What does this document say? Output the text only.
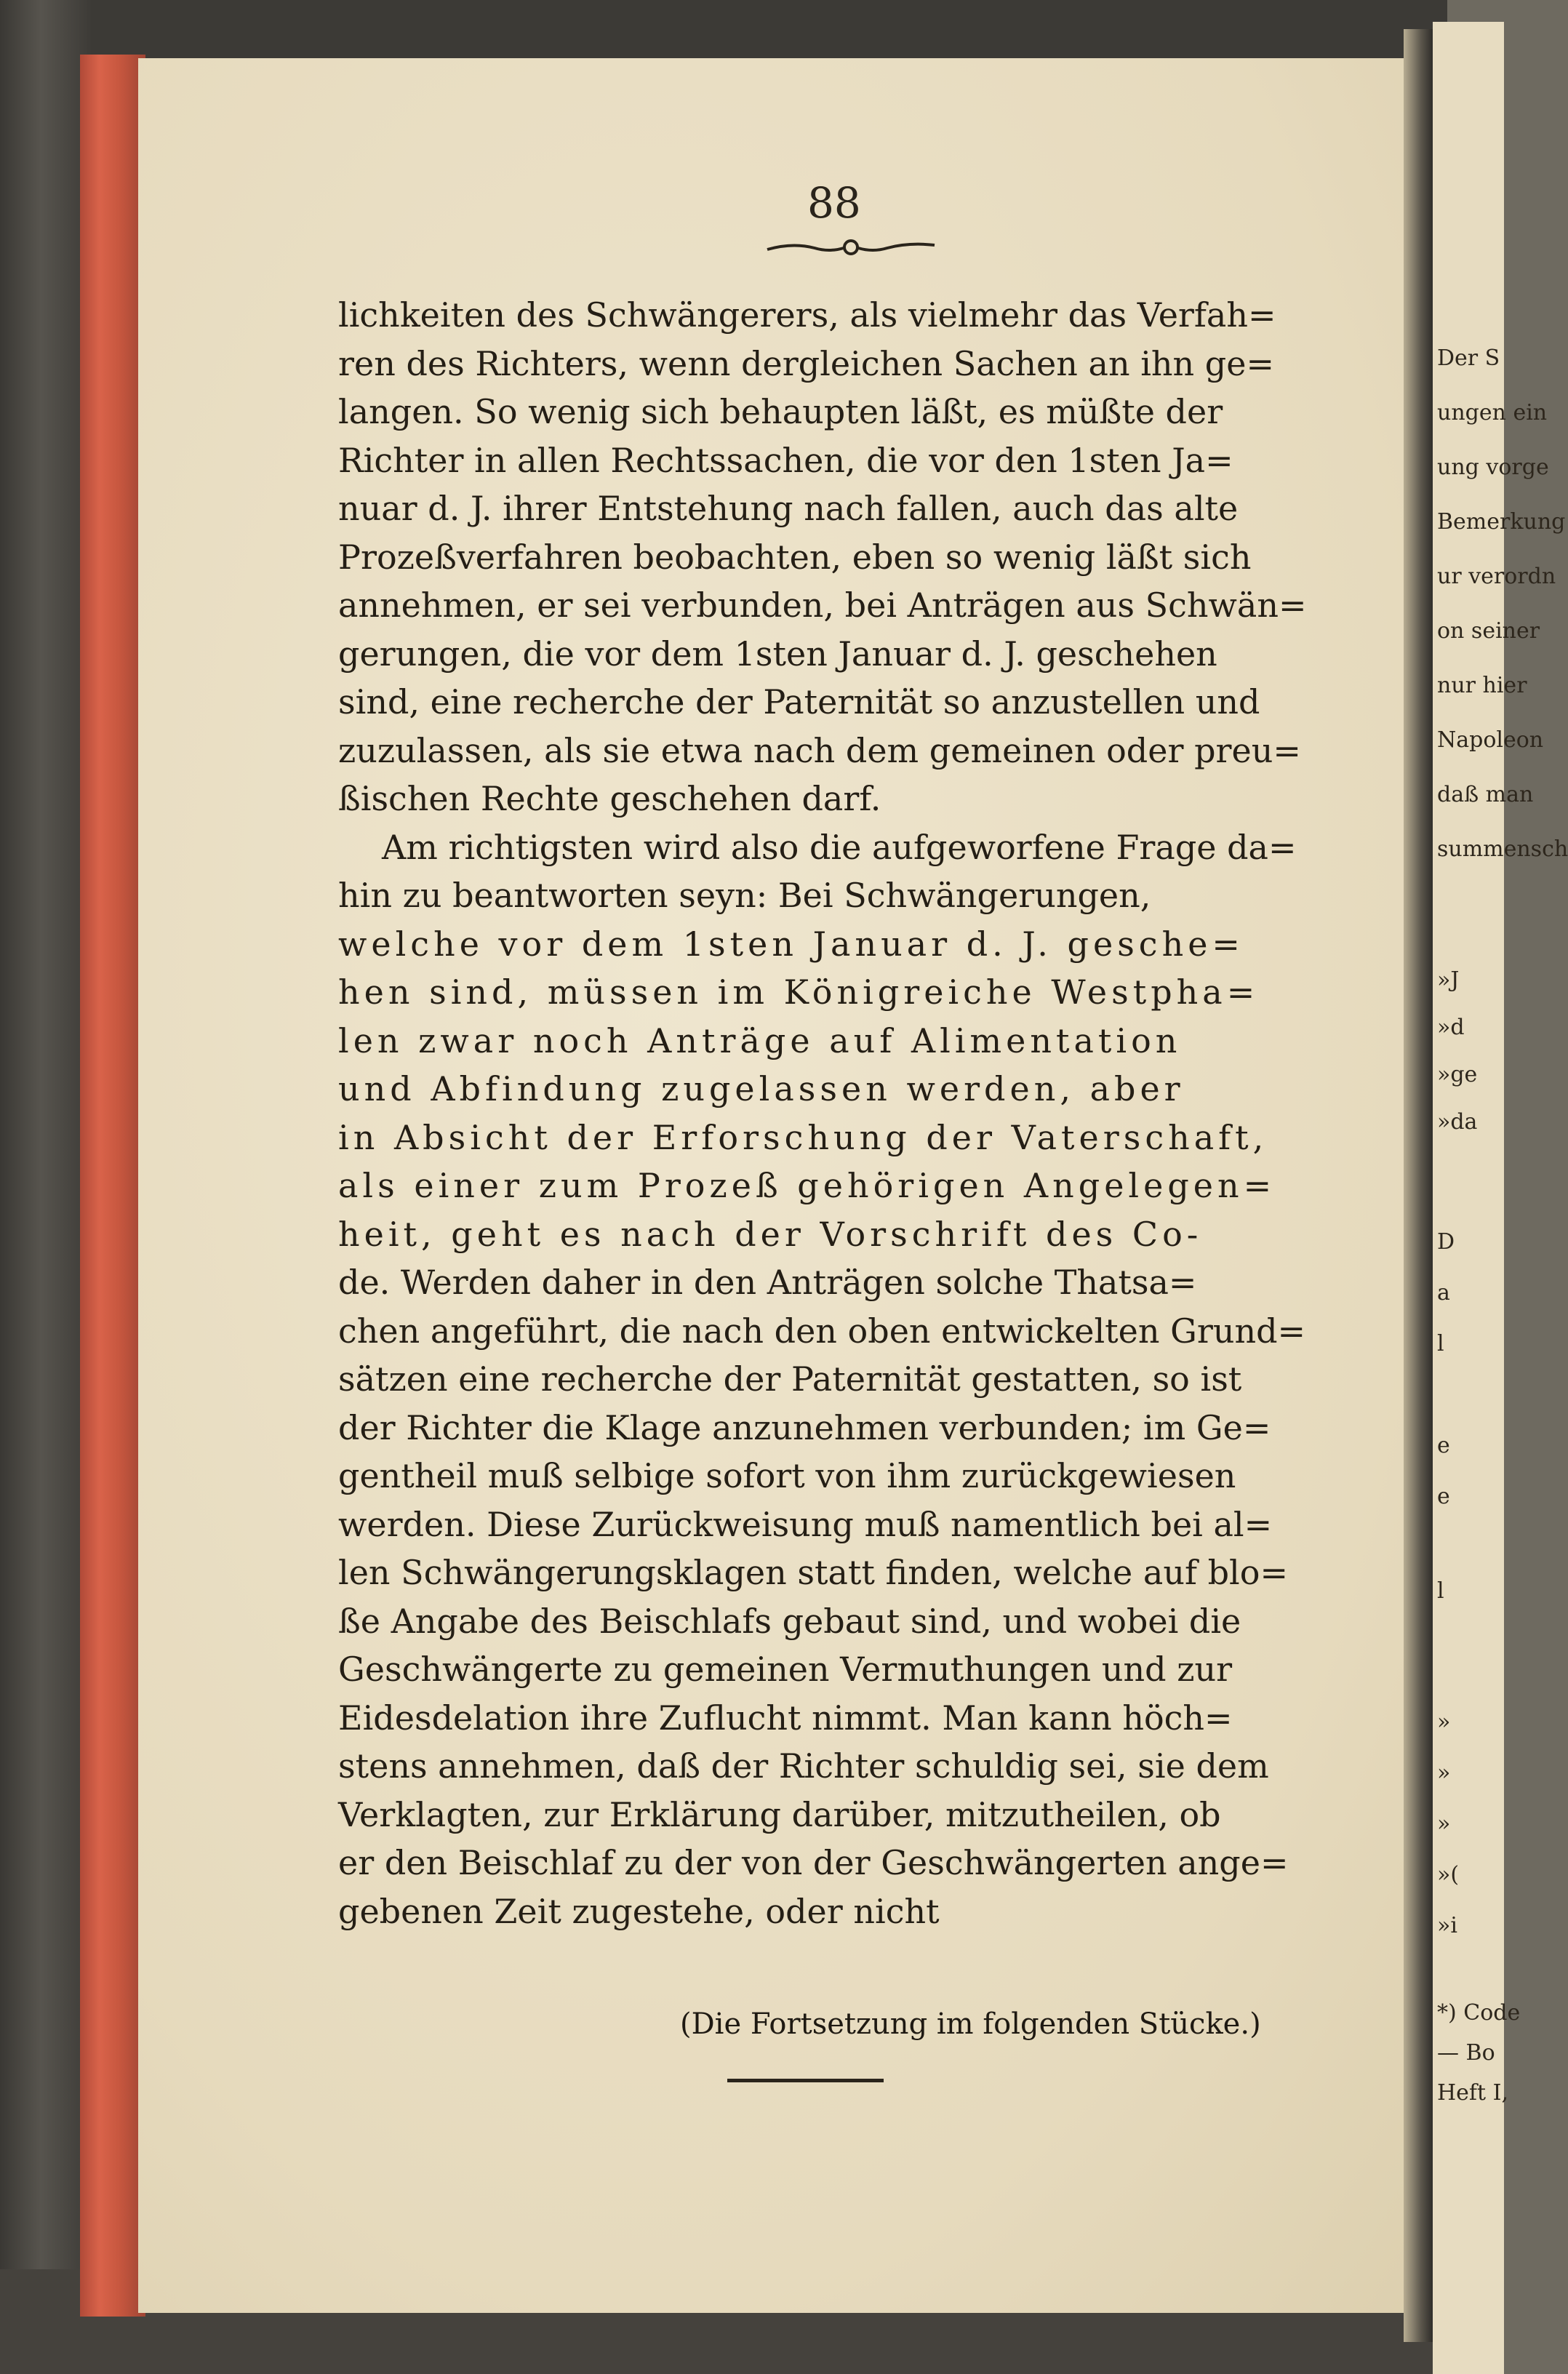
Der S
ungen ein
ung vorge
Bemerkung
ur verordn
on seiner
nur hier
Napoleon
daß man
summensch
»J
»d
»ge
»da
D
a
l
e
e
l
»
»
»
»(
»i
*) Code
— Bo
Heft I,
88
lichkeiten des Schwängerers, als vielmehr das Verfah=
ren des Richters, wenn dergleichen Sachen an ihn ge=
langen. So wenig sich behaupten läßt, es müßte der
Richter in allen Rechtssachen, die vor den 1sten Ja=
nuar d. J. ihrer Entstehung nach fallen, auch das alte
Prozeßverfahren beobachten, eben so wenig läßt sich
annehmen, er sei verbunden, bei Anträgen aus Schwän=
gerungen, die vor dem 1sten Januar d. J. geschehen
sind, eine recherche der Paternität so anzustellen und
zuzulassen, als sie etwa nach dem gemeinen oder preu=
ßischen Rechte geschehen darf.
Am richtigsten wird also die aufgeworfene Frage da=
hin zu beantworten seyn: Bei Schwängerungen,
welche vor dem 1sten Januar d. J. gesche=
hen sind, müssen im Königreiche Westpha=
len zwar noch Anträge auf Alimentation
und Abfindung zugelassen werden, aber
in Absicht der Erforschung der Vaterschaft,
als einer zum Prozeß gehörigen Angelegen=
heit, geht es nach der Vorschrift des Co-
de. Werden daher in den Anträgen solche Thatsa=
chen angeführt, die nach den oben entwickelten Grund=
sätzen eine recherche der Paternität gestatten, so ist
der Richter die Klage anzunehmen verbunden; im Ge=
gentheil muß selbige sofort von ihm zurückgewiesen
werden. Diese Zurückweisung muß namentlich bei al=
len Schwängerungsklagen statt finden, welche auf blo=
ße Angabe des Beischlafs gebaut sind, und wobei die
Geschwängerte zu gemeinen Vermuthungen und zur
Eidesdelation ihre Zuflucht nimmt. Man kann höch=
stens annehmen, daß der Richter schuldig sei, sie dem
Verklagten, zur Erklärung darüber, mitzutheilen, ob
er den Beischlaf zu der von der Geschwängerten ange=
gebenen Zeit zugestehe, oder nicht
(Die Fortsetzung im folgenden Stücke.)
